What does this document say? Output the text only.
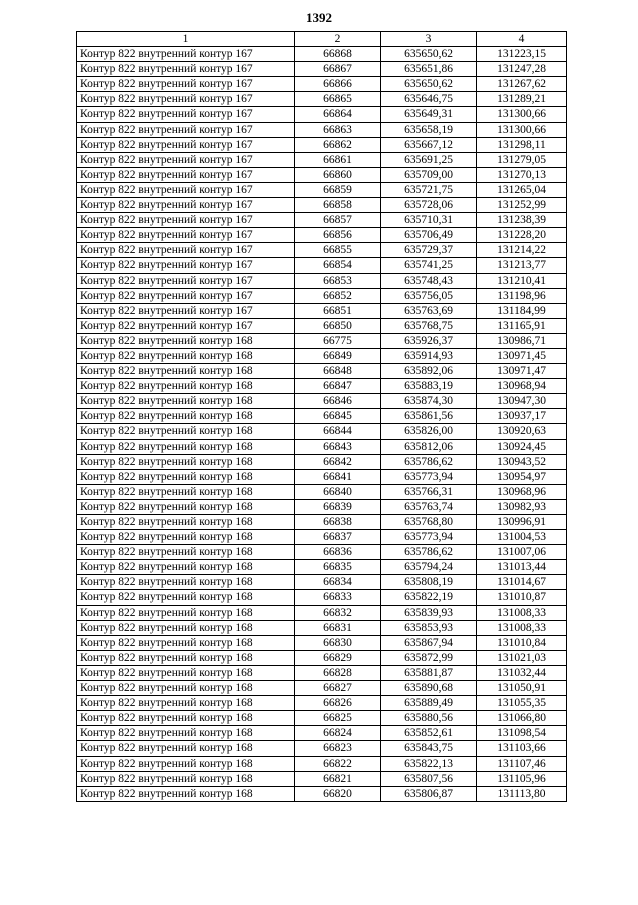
1392
1	2	3	4
Контур 822 внутренний контур 167	66868	635650,62	131223,15
Контур 822 внутренний контур 167	66867	635651,86	131247,28
Контур 822 внутренний контур 167	66866	635650,62	131267,62
Контур 822 внутренний контур 167	66865	635646,75	131289,21
Контур 822 внутренний контур 167	66864	635649,31	131300,66
Контур 822 внутренний контур 167	66863	635658,19	131300,66
Контур 822 внутренний контур 167	66862	635667,12	131298,11
Контур 822 внутренний контур 167	66861	635691,25	131279,05
Контур 822 внутренний контур 167	66860	635709,00	131270,13
Контур 822 внутренний контур 167	66859	635721,75	131265,04
Контур 822 внутренний контур 167	66858	635728,06	131252,99
Контур 822 внутренний контур 167	66857	635710,31	131238,39
Контур 822 внутренний контур 167	66856	635706,49	131228,20
Контур 822 внутренний контур 167	66855	635729,37	131214,22
Контур 822 внутренний контур 167	66854	635741,25	131213,77
Контур 822 внутренний контур 167	66853	635748,43	131210,41
Контур 822 внутренний контур 167	66852	635756,05	131198,96
Контур 822 внутренний контур 167	66851	635763,69	131184,99
Контур 822 внутренний контур 167	66850	635768,75	131165,91
Контур 822 внутренний контур 168	66775	635926,37	130986,71
Контур 822 внутренний контур 168	66849	635914,93	130971,45
Контур 822 внутренний контур 168	66848	635892,06	130971,47
Контур 822 внутренний контур 168	66847	635883,19	130968,94
Контур 822 внутренний контур 168	66846	635874,30	130947,30
Контур 822 внутренний контур 168	66845	635861,56	130937,17
Контур 822 внутренний контур 168	66844	635826,00	130920,63
Контур 822 внутренний контур 168	66843	635812,06	130924,45
Контур 822 внутренний контур 168	66842	635786,62	130943,52
Контур 822 внутренний контур 168	66841	635773,94	130954,97
Контур 822 внутренний контур 168	66840	635766,31	130968,96
Контур 822 внутренний контур 168	66839	635763,74	130982,93
Контур 822 внутренний контур 168	66838	635768,80	130996,91
Контур 822 внутренний контур 168	66837	635773,94	131004,53
Контур 822 внутренний контур 168	66836	635786,62	131007,06
Контур 822 внутренний контур 168	66835	635794,24	131013,44
Контур 822 внутренний контур 168	66834	635808,19	131014,67
Контур 822 внутренний контур 168	66833	635822,19	131010,87
Контур 822 внутренний контур 168	66832	635839,93	131008,33
Контур 822 внутренний контур 168	66831	635853,93	131008,33
Контур 822 внутренний контур 168	66830	635867,94	131010,84
Контур 822 внутренний контур 168	66829	635872,99	131021,03
Контур 822 внутренний контур 168	66828	635881,87	131032,44
Контур 822 внутренний контур 168	66827	635890,68	131050,91
Контур 822 внутренний контур 168	66826	635889,49	131055,35
Контур 822 внутренний контур 168	66825	635880,56	131066,80
Контур 822 внутренний контур 168	66824	635852,61	131098,54
Контур 822 внутренний контур 168	66823	635843,75	131103,66
Контур 822 внутренний контур 168	66822	635822,13	131107,46
Контур 822 внутренний контур 168	66821	635807,56	131105,96
Контур 822 внутренний контур 168	66820	635806,87	131113,80
